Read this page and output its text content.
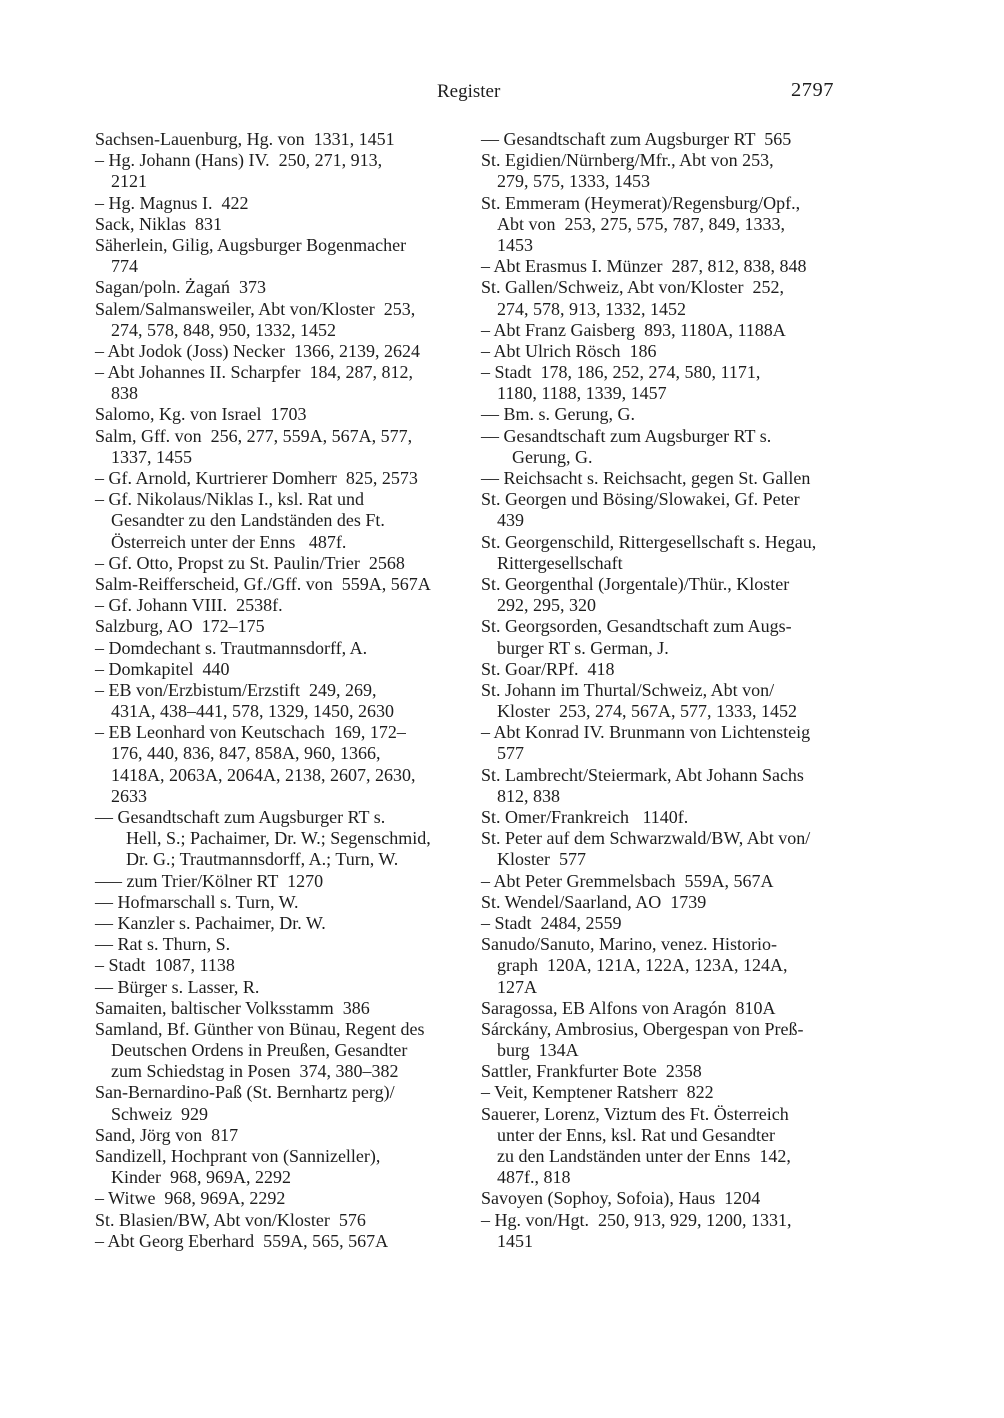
Register	2797
Sachsen-Lauenburg, Hg. von  1331, 1451
– Hg. Johann (Hans) IV.  250, 271, 913,
2121
– Hg. Magnus I.  422
Sack, Niklas  831
Säherlein, Gilig, Augsburger Bogenmacher
774
Sagan/poln. Żagań  373
Salem/Salmansweiler, Abt von/Kloster  253,
274, 578, 848, 950, 1332, 1452
– Abt Jodok (Joss) Necker  1366, 2139, 2624
– Abt Johannes II. Scharpfer  184, 287, 812,
838
Salomo, Kg. von Israel  1703
Salm, Gff. von  256, 277, 559A, 567A, 577,
1337, 1455
– Gf. Arnold, Kurtrierer Domherr  825, 2573
– Gf. Nikolaus/Niklas I., ksl. Rat und
Gesandter zu den Landständen des Ft.
Österreich unter der Enns   487f.
– Gf. Otto, Propst zu St. Paulin/Trier  2568
Salm-Reifferscheid, Gf./Gff. von  559A, 567A
– Gf. Johann VIII.  2538f.
Salzburg, AO  172–175
– Domdechant s. Trautmannsdorff, A.
– Domkapitel  440
– EB von/Erzbistum/Erzstift  249, 269,
431A, 438–441, 578, 1329, 1450, 2630
– EB Leonhard von Keutschach  169, 172–
176, 440, 836, 847, 858A, 960, 1366,
1418A, 2063A, 2064A, 2138, 2607, 2630,
2633
–– Gesandtschaft zum Augsburger RT s.
Hell, S.; Pachaimer, Dr. W.; Segenschmid,
Dr. G.; Trautmannsdorff, A.; Turn, W.
––– zum Trier/Kölner RT  1270
–– Hofmarschall s. Turn, W.
–– Kanzler s. Pachaimer, Dr. W.
–– Rat s. Thurn, S.
– Stadt  1087, 1138
–– Bürger s. Lasser, R.
Samaiten, baltischer Volksstamm  386
Samland, Bf. Günther von Bünau, Regent des
Deutschen Ordens in Preußen, Gesandter
zum Schiedstag in Posen  374, 380–382
San-Bernardino-Paß (St. Bernhartz perg)/
Schweiz  929
Sand, Jörg von  817
Sandizell, Hochprant von (Sannizeller),
Kinder  968, 969A, 2292
– Witwe  968, 969A, 2292
St. Blasien/BW, Abt von/Kloster  576
– Abt Georg Eberhard  559A, 565, 567A
–– Gesandtschaft zum Augsburger RT  565
St. Egidien/Nürnberg/Mfr., Abt von 253,
279, 575, 1333, 1453
St. Emmeram (Heymerat)/Regensburg/Opf.,
Abt von  253, 275, 575, 787, 849, 1333,
1453
– Abt Erasmus I. Münzer  287, 812, 838, 848
St. Gallen/Schweiz, Abt von/Kloster  252,
274, 578, 913, 1332, 1452
– Abt Franz Gaisberg  893, 1180A, 1188A
– Abt Ulrich Rösch  186
– Stadt  178, 186, 252, 274, 580, 1171,
1180, 1188, 1339, 1457
–– Bm. s. Gerung, G.
–– Gesandtschaft zum Augsburger RT s.
Gerung, G.
–– Reichsacht s. Reichsacht, gegen St. Gallen
St. Georgen und Bösing/Slowakei, Gf. Peter
439
St. Georgenschild, Rittergesellschaft s. Hegau,
Rittergesellschaft
St. Georgenthal (Jorgentale)/Thür., Kloster
292, 295, 320
St. Georgsorden, Gesandtschaft zum Augs-
burger RT s. German, J.
St. Goar/RPf.  418
St. Johann im Thurtal/Schweiz, Abt von/
Kloster  253, 274, 567A, 577, 1333, 1452
– Abt Konrad IV. Brunmann von Lichtensteig
577
St. Lambrecht/Steiermark, Abt Johann Sachs
812, 838
St. Omer/Frankreich   1140f.
St. Peter auf dem Schwarzwald/BW, Abt von/
Kloster  577
– Abt Peter Gremmelsbach  559A, 567A
St. Wendel/Saarland, AO  1739
– Stadt  2484, 2559
Sanudo/Sanuto, Marino, venez. Historio-
graph  120A, 121A, 122A, 123A, 124A,
127A
Saragossa, EB Alfons von Aragón  810A
Sárckány, Ambrosius, Obergespan von Preß-
burg  134A
Sattler, Frankfurter Bote  2358
– Veit, Kemptener Ratsherr  822
Sauerer, Lorenz, Viztum des Ft. Österreich
unter der Enns, ksl. Rat und Gesandter
zu den Landständen unter der Enns  142,
487f., 818
Savoyen (Sophoy, Sofoia), Haus  1204
– Hg. von/Hgt.  250, 913, 929, 1200, 1331,
1451
